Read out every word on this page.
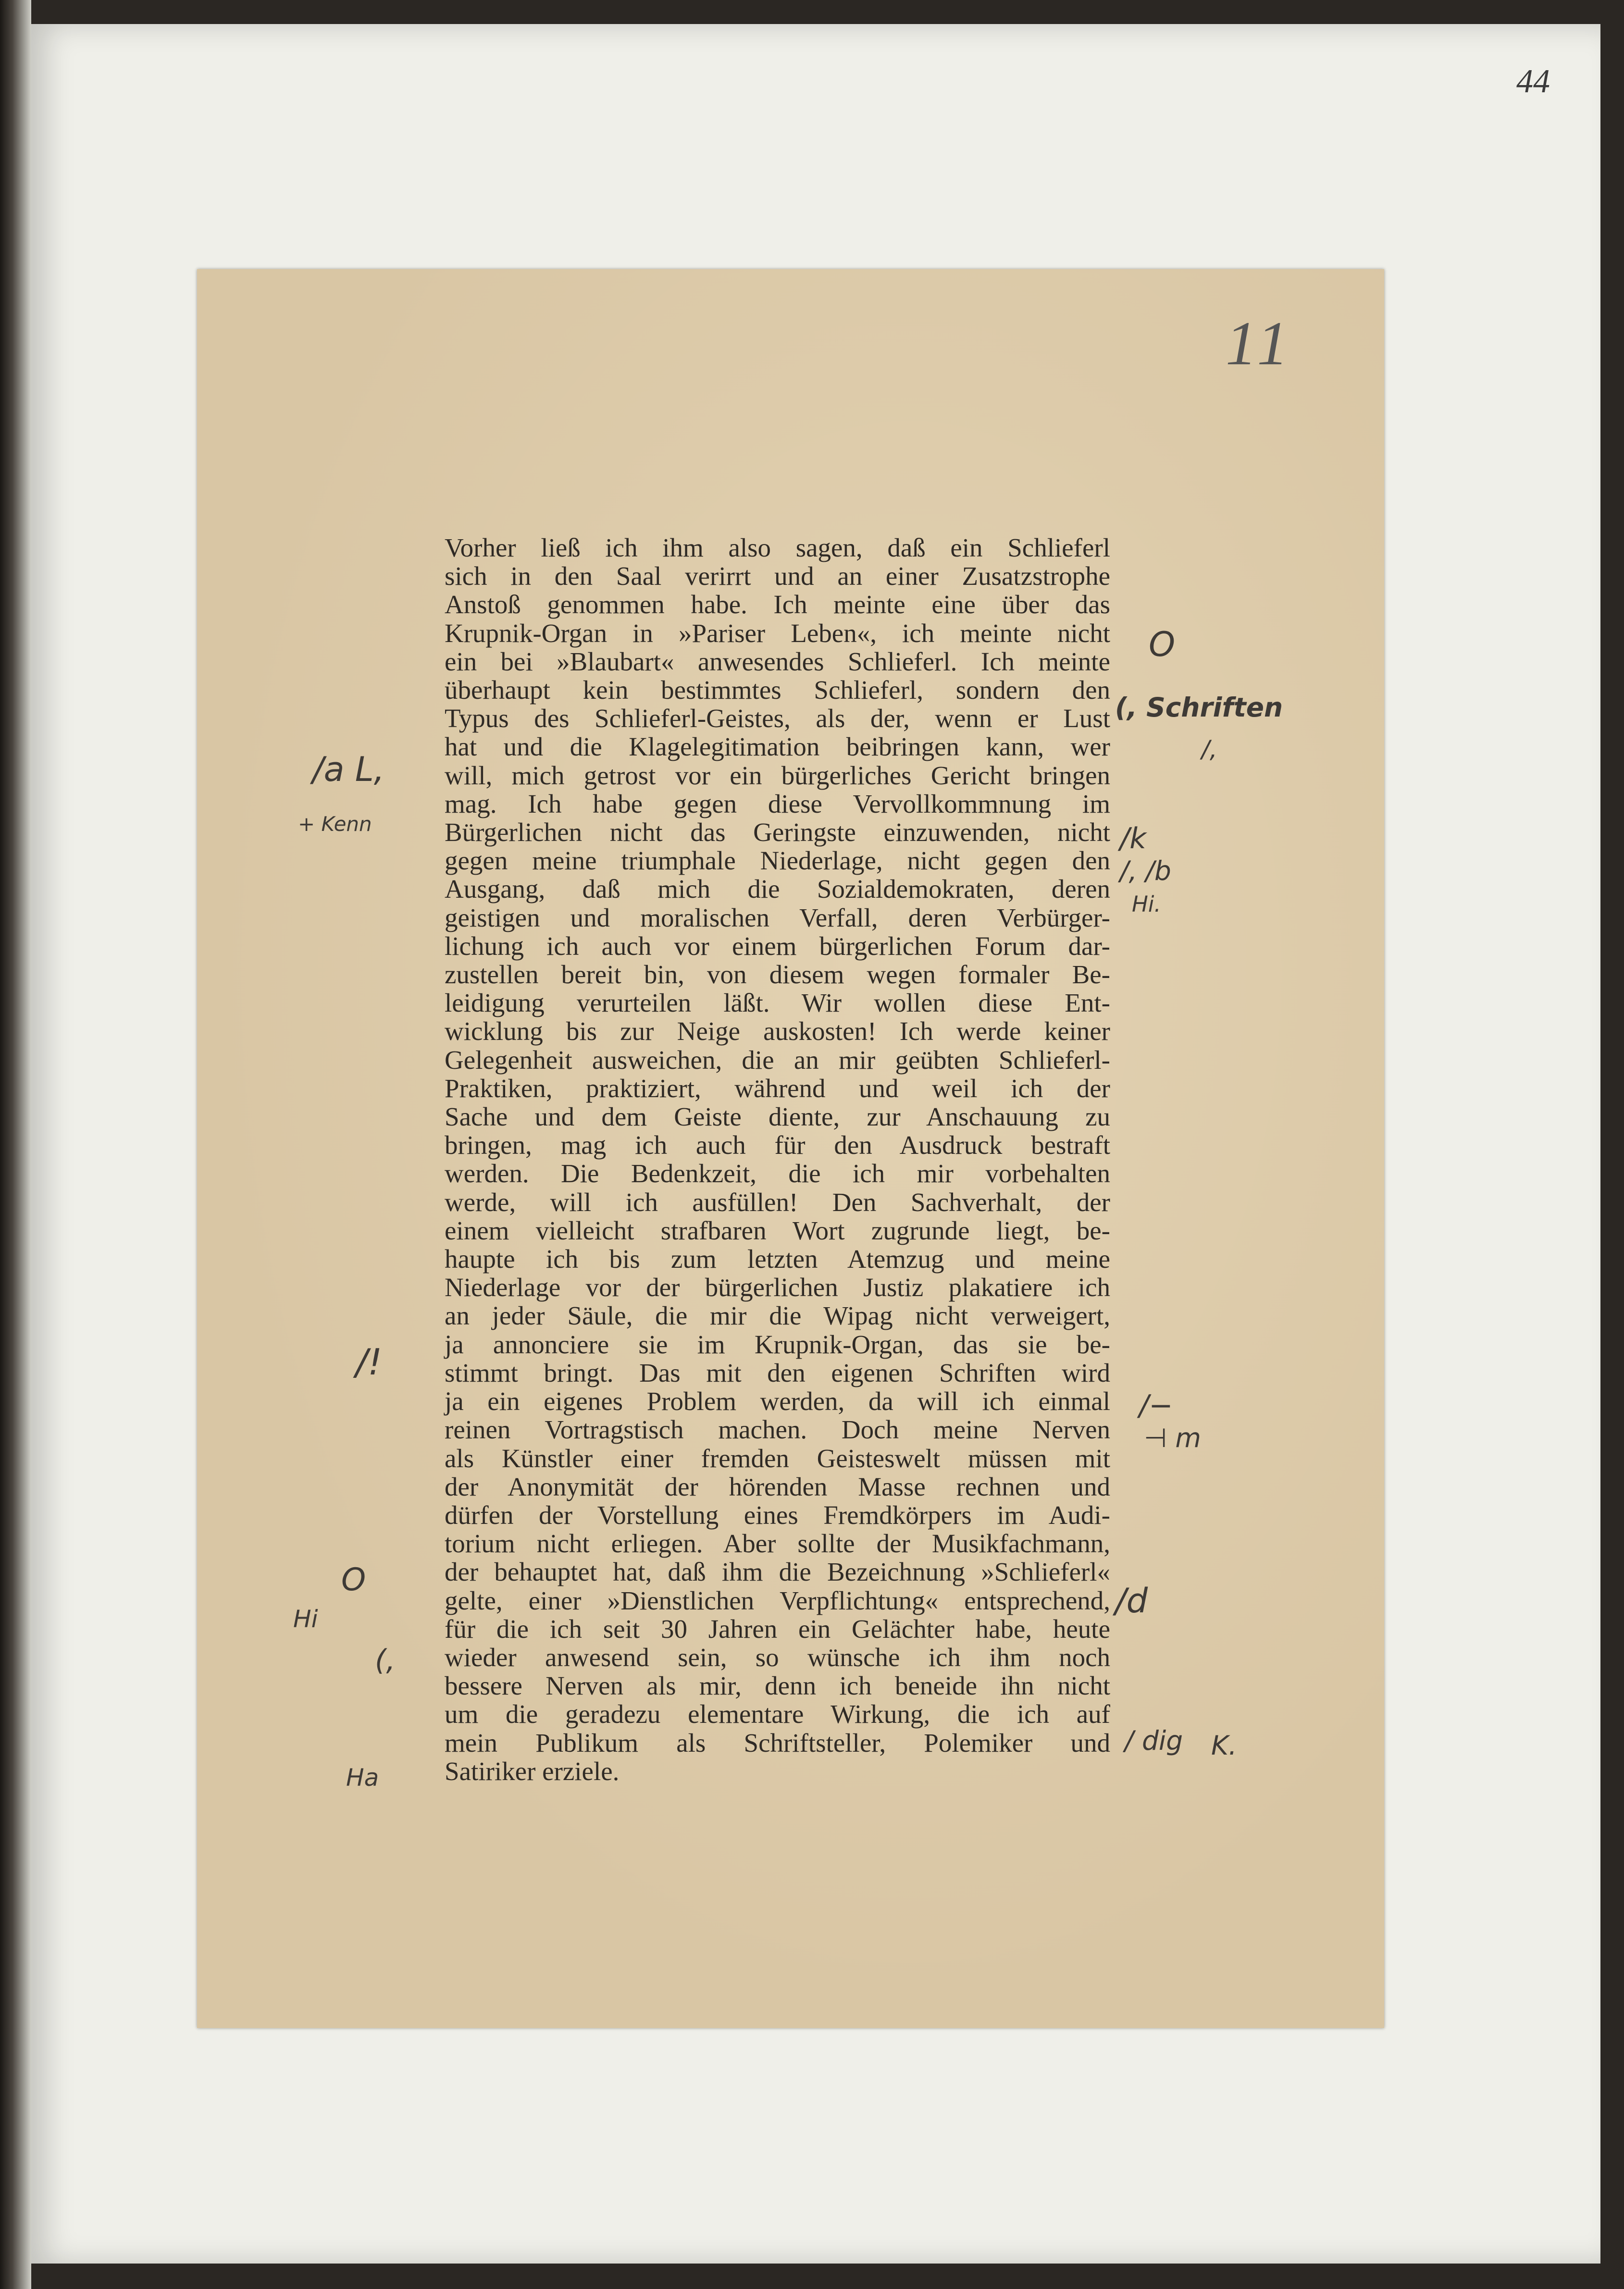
44
11
Vorher ließ ich ihm also sagen, daß ein Schlieferl
sich in den Saal verirrt und an einer Zusatzstrophe
Anstoß genommen habe. Ich meinte eine über das
Krupnik-Organ in »Pariser Leben«, ich meinte nicht
ein bei »Blaubart« anwesendes Schlieferl. Ich meinte
überhaupt kein bestimmtes Schlieferl, sondern den
Typus des Schlieferl-Geistes, als der, wenn er Lust
hat und die Klagelegitimation beibringen kann, wer
will, mich getrost vor ein bürgerliches Gericht bringen
mag. Ich habe gegen diese Vervollkommnung im
Bürgerlichen nicht das Geringste einzuwenden, nicht
gegen meine triumphale Niederlage, nicht gegen den
Ausgang, daß mich die Sozialdemokraten, deren
geistigen und moralischen Verfall, deren Verbürger-
lichung ich auch vor einem bürgerlichen Forum dar-
zustellen bereit bin, von diesem wegen formaler Be-
leidigung verurteilen läßt. Wir wollen diese Ent-
wicklung bis zur Neige auskosten! Ich werde keiner
Gelegenheit ausweichen, die an mir geübten Schlieferl-
Praktiken, praktiziert, während und weil ich der
Sache und dem Geiste diente, zur Anschauung zu
bringen, mag ich auch für den Ausdruck bestraft
werden. Die Bedenkzeit, die ich mir vorbehalten
werde, will ich ausfüllen! Den Sachverhalt, der
einem vielleicht strafbaren Wort zugrunde liegt, be-
haupte ich bis zum letzten Atemzug und meine
Niederlage vor der bürgerlichen Justiz plakatiere ich
an jeder Säule, die mir die Wipag nicht verweigert,
ja annonciere sie im Krupnik-Organ, das sie be-
stimmt bringt. Das mit den eigenen Schriften wird
ja ein eigenes Problem werden, da will ich einmal
reinen Vortragstisch machen. Doch meine Nerven
als Künstler einer fremden Geisteswelt müssen mit
der Anonymität der hörenden Masse rechnen und
dürfen der Vorstellung eines Fremdkörpers im Audi-
torium nicht erliegen. Aber sollte der Musikfachmann,
der behauptet hat, daß ihm die Bezeichnung »Schlieferl«
gelte, einer »Dienstlichen Verpflichtung« entsprechend,
für die ich seit 30 Jahren ein Gelächter habe, heute
wieder anwesend sein, so wünsche ich ihm noch
bessere Nerven als mir, denn ich beneide ihn nicht
um die geradezu elementare Wirkung, die ich auf
mein Publikum als Schriftsteller, Polemiker und
Satiriker erziele.
/a L,
+ Kenn
O
(, Schriften
/,
/k
/, /b
Hi.
/!
/−
⊣ m
O
Hi
(,
/d
/ dig K.
Ha
